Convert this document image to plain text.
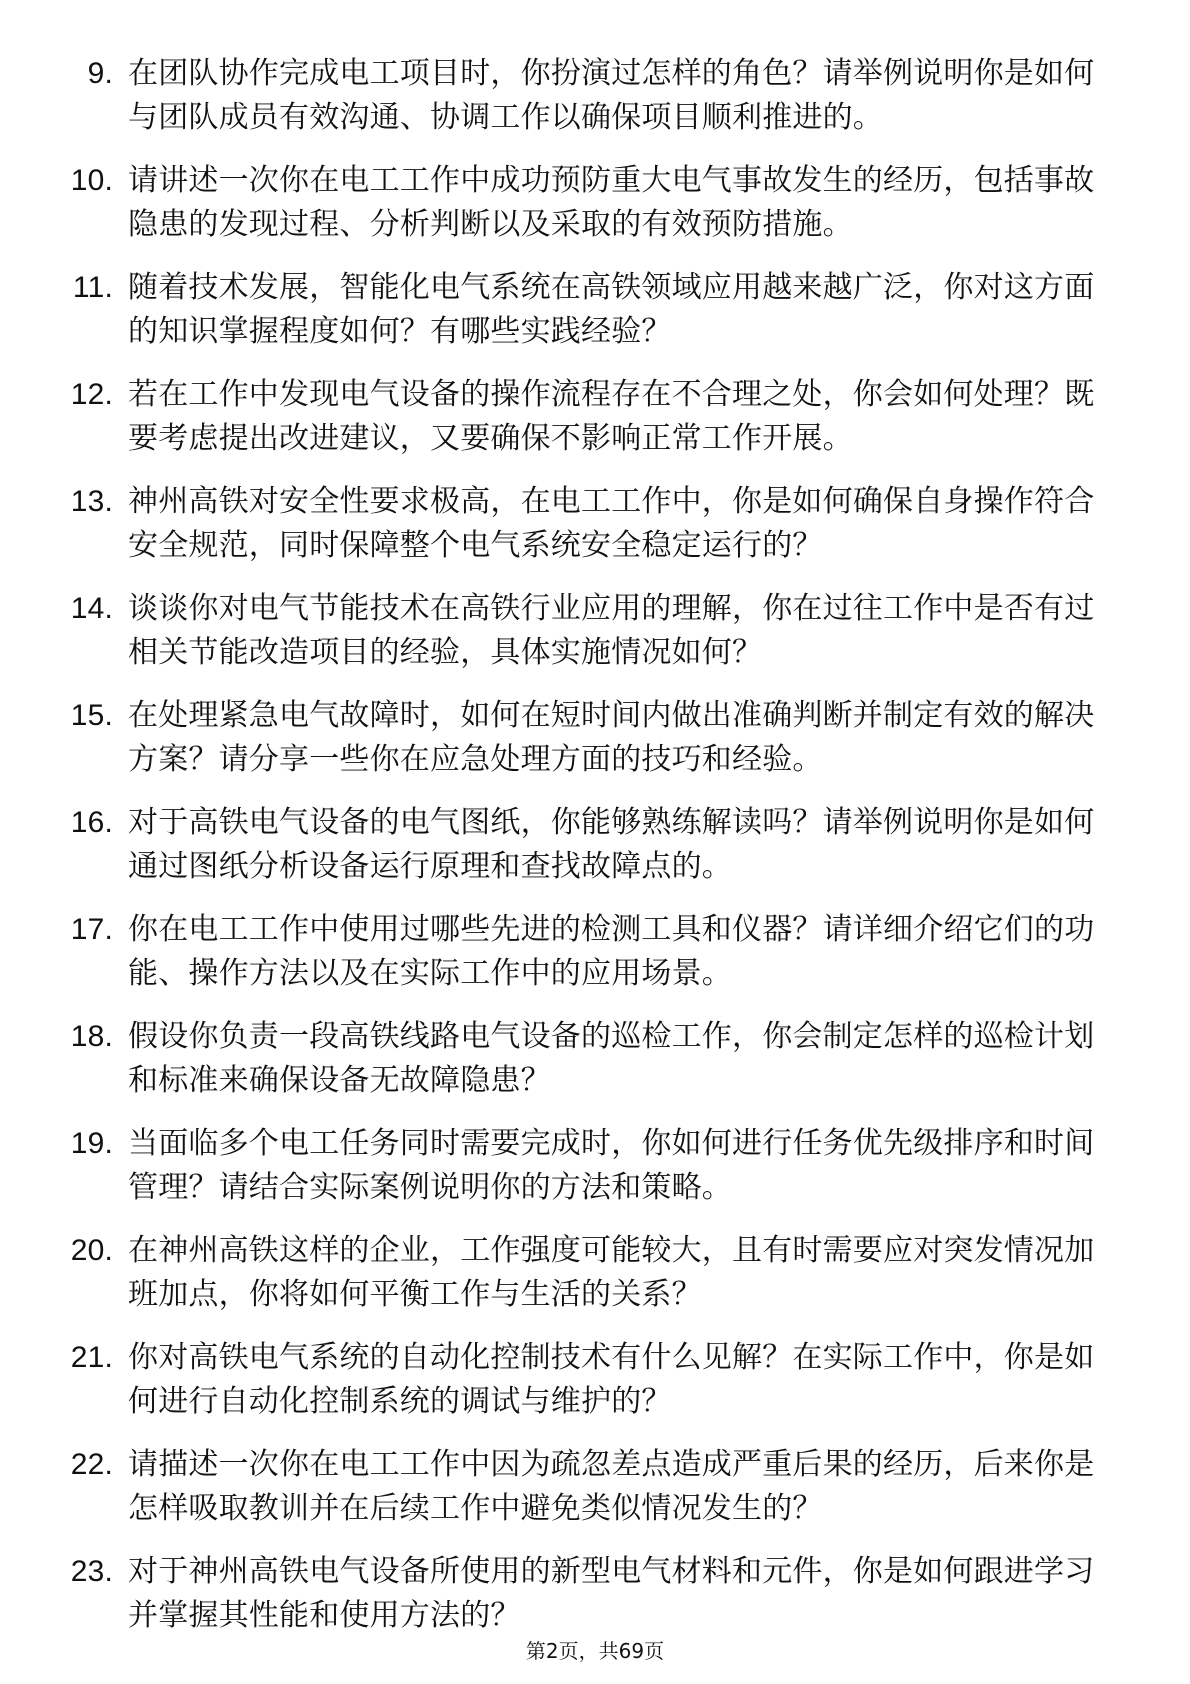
9. 在团队协作完成电工项目时，你扮演过怎样的角色？请举例说明你是如何与团队成员有效沟通、协调工作以确保项目顺利推进的。
10. 请讲述一次你在电工工作中成功预防重大电气事故发生的经历，包括事故隐患的发现过程、分析判断以及采取的有效预防措施。
11. 随着技术发展，智能化电气系统在高铁领域应用越来越广泛，你对这方面的知识掌握程度如何？有哪些实践经验？
12. 若在工作中发现电气设备的操作流程存在不合理之处，你会如何处理？既要考虑提出改进建议，又要确保不影响正常工作开展。
13. 神州高铁对安全性要求极高，在电工工作中，你是如何确保自身操作符合安全规范，同时保障整个电气系统安全稳定运行的？
14. 谈谈你对电气节能技术在高铁行业应用的理解，你在过往工作中是否有过相关节能改造项目的经验，具体实施情况如何？
15. 在处理紧急电气故障时，如何在短时间内做出准确判断并制定有效的解决方案？请分享一些你在应急处理方面的技巧和经验。
16. 对于高铁电气设备的电气图纸，你能够熟练解读吗？请举例说明你是如何通过图纸分析设备运行原理和查找故障点的。
17. 你在电工工作中使用过哪些先进的检测工具和仪器？请详细介绍它们的功能、操作方法以及在实际工作中的应用场景。
18. 假设你负责一段高铁线路电气设备的巡检工作，你会制定怎样的巡检计划和标准来确保设备无故障隐患？
19. 当面临多个电工任务同时需要完成时，你如何进行任务优先级排序和时间管理？请结合实际案例说明你的方法和策略。
20. 在神州高铁这样的企业，工作强度可能较大，且有时需要应对突发情况加班加点，你将如何平衡工作与生活的关系？
21. 你对高铁电气系统的自动化控制技术有什么见解？在实际工作中，你是如何进行自动化控制系统的调试与维护的？
22. 请描述一次你在电工工作中因为疏忽差点造成严重后果的经历，后来你是怎样吸取教训并在后续工作中避免类似情况发生的？
23. 对于神州高铁电气设备所使用的新型电气材料和元件，你是如何跟进学习并掌握其性能和使用方法的？
第2页，共69页
